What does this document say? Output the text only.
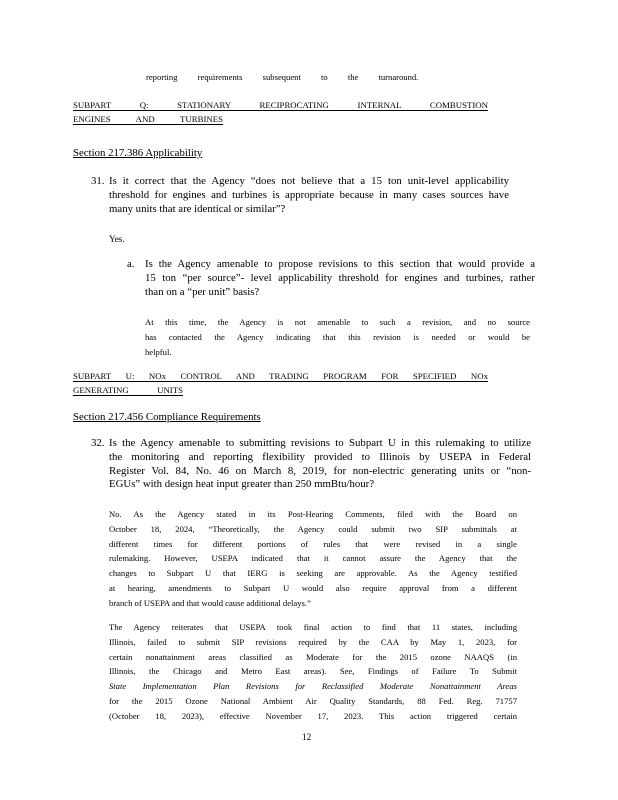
reporting requirements subsequent to the turnaround.
SUBPART Q: STATIONARY RECIPROCATING INTERNAL COMBUSTION
ENGINES AND TURBINES
Section 217.386 Applicability
31. Is it correct that the Agency “does not believe that a 15 ton unit-level applicability
threshold for engines and turbines is appropriate because in many cases sources have
many units that are identical or similar”?
Yes.
a. Is the Agency amenable to propose revisions to this section that would provide a
15 ton “per source”- level applicability threshold for engines and turbines, rather
than on a “per unit” basis?
At this time, the Agency is not amenable to such a revision, and no source
has contacted the Agency indicating that this revision is needed or would be
helpful.
SUBPART U: NOx CONTROL AND TRADING PROGRAM FOR SPECIFIED NOx
GENERATING UNITS
Section 217.456 Compliance Requirements
32. Is the Agency amenable to submitting revisions to Subpart U in this rulemaking to utilize
the monitoring and reporting flexibility provided to Illinois by USEPA in Federal
Register Vol. 84, No. 46 on March 8, 2019, for non-electric generating units or “non-
EGUs” with design heat input greater than 250 mmBtu/hour?
No. As the Agency stated in its Post-Hearing Comments, filed with the Board on
October 18, 2024, “Theoretically, the Agency could submit two SIP submittals at
different times for different portions of rules that were revised in a single
rulemaking. However, USEPA indicated that it cannot assure the Agency that the
changes to Subpart U that IERG is seeking are approvable. As the Agency testified
at hearing, amendments to Subpart U would also require approval from a different
branch of USEPA and that would cause additional delays.”
The Agency reiterates that USEPA took final action to find that 11 states, including
Illinois, failed to submit SIP revisions required by the CAA by May 1, 2023, for
certain nonattainment areas classified as Moderate for the 2015 ozone NAAQS (in
Illinois, the Chicago and Metro East areas). See, Findings of Failure To Submit
State Implementation Plan Revisions for Reclassified Moderate Nonattainment Areas
for the 2015 Ozone National Ambient Air Quality Standards, 88 Fed. Reg. 71757
(October 18, 2023), effective November 17, 2023. This action triggered certain
12
